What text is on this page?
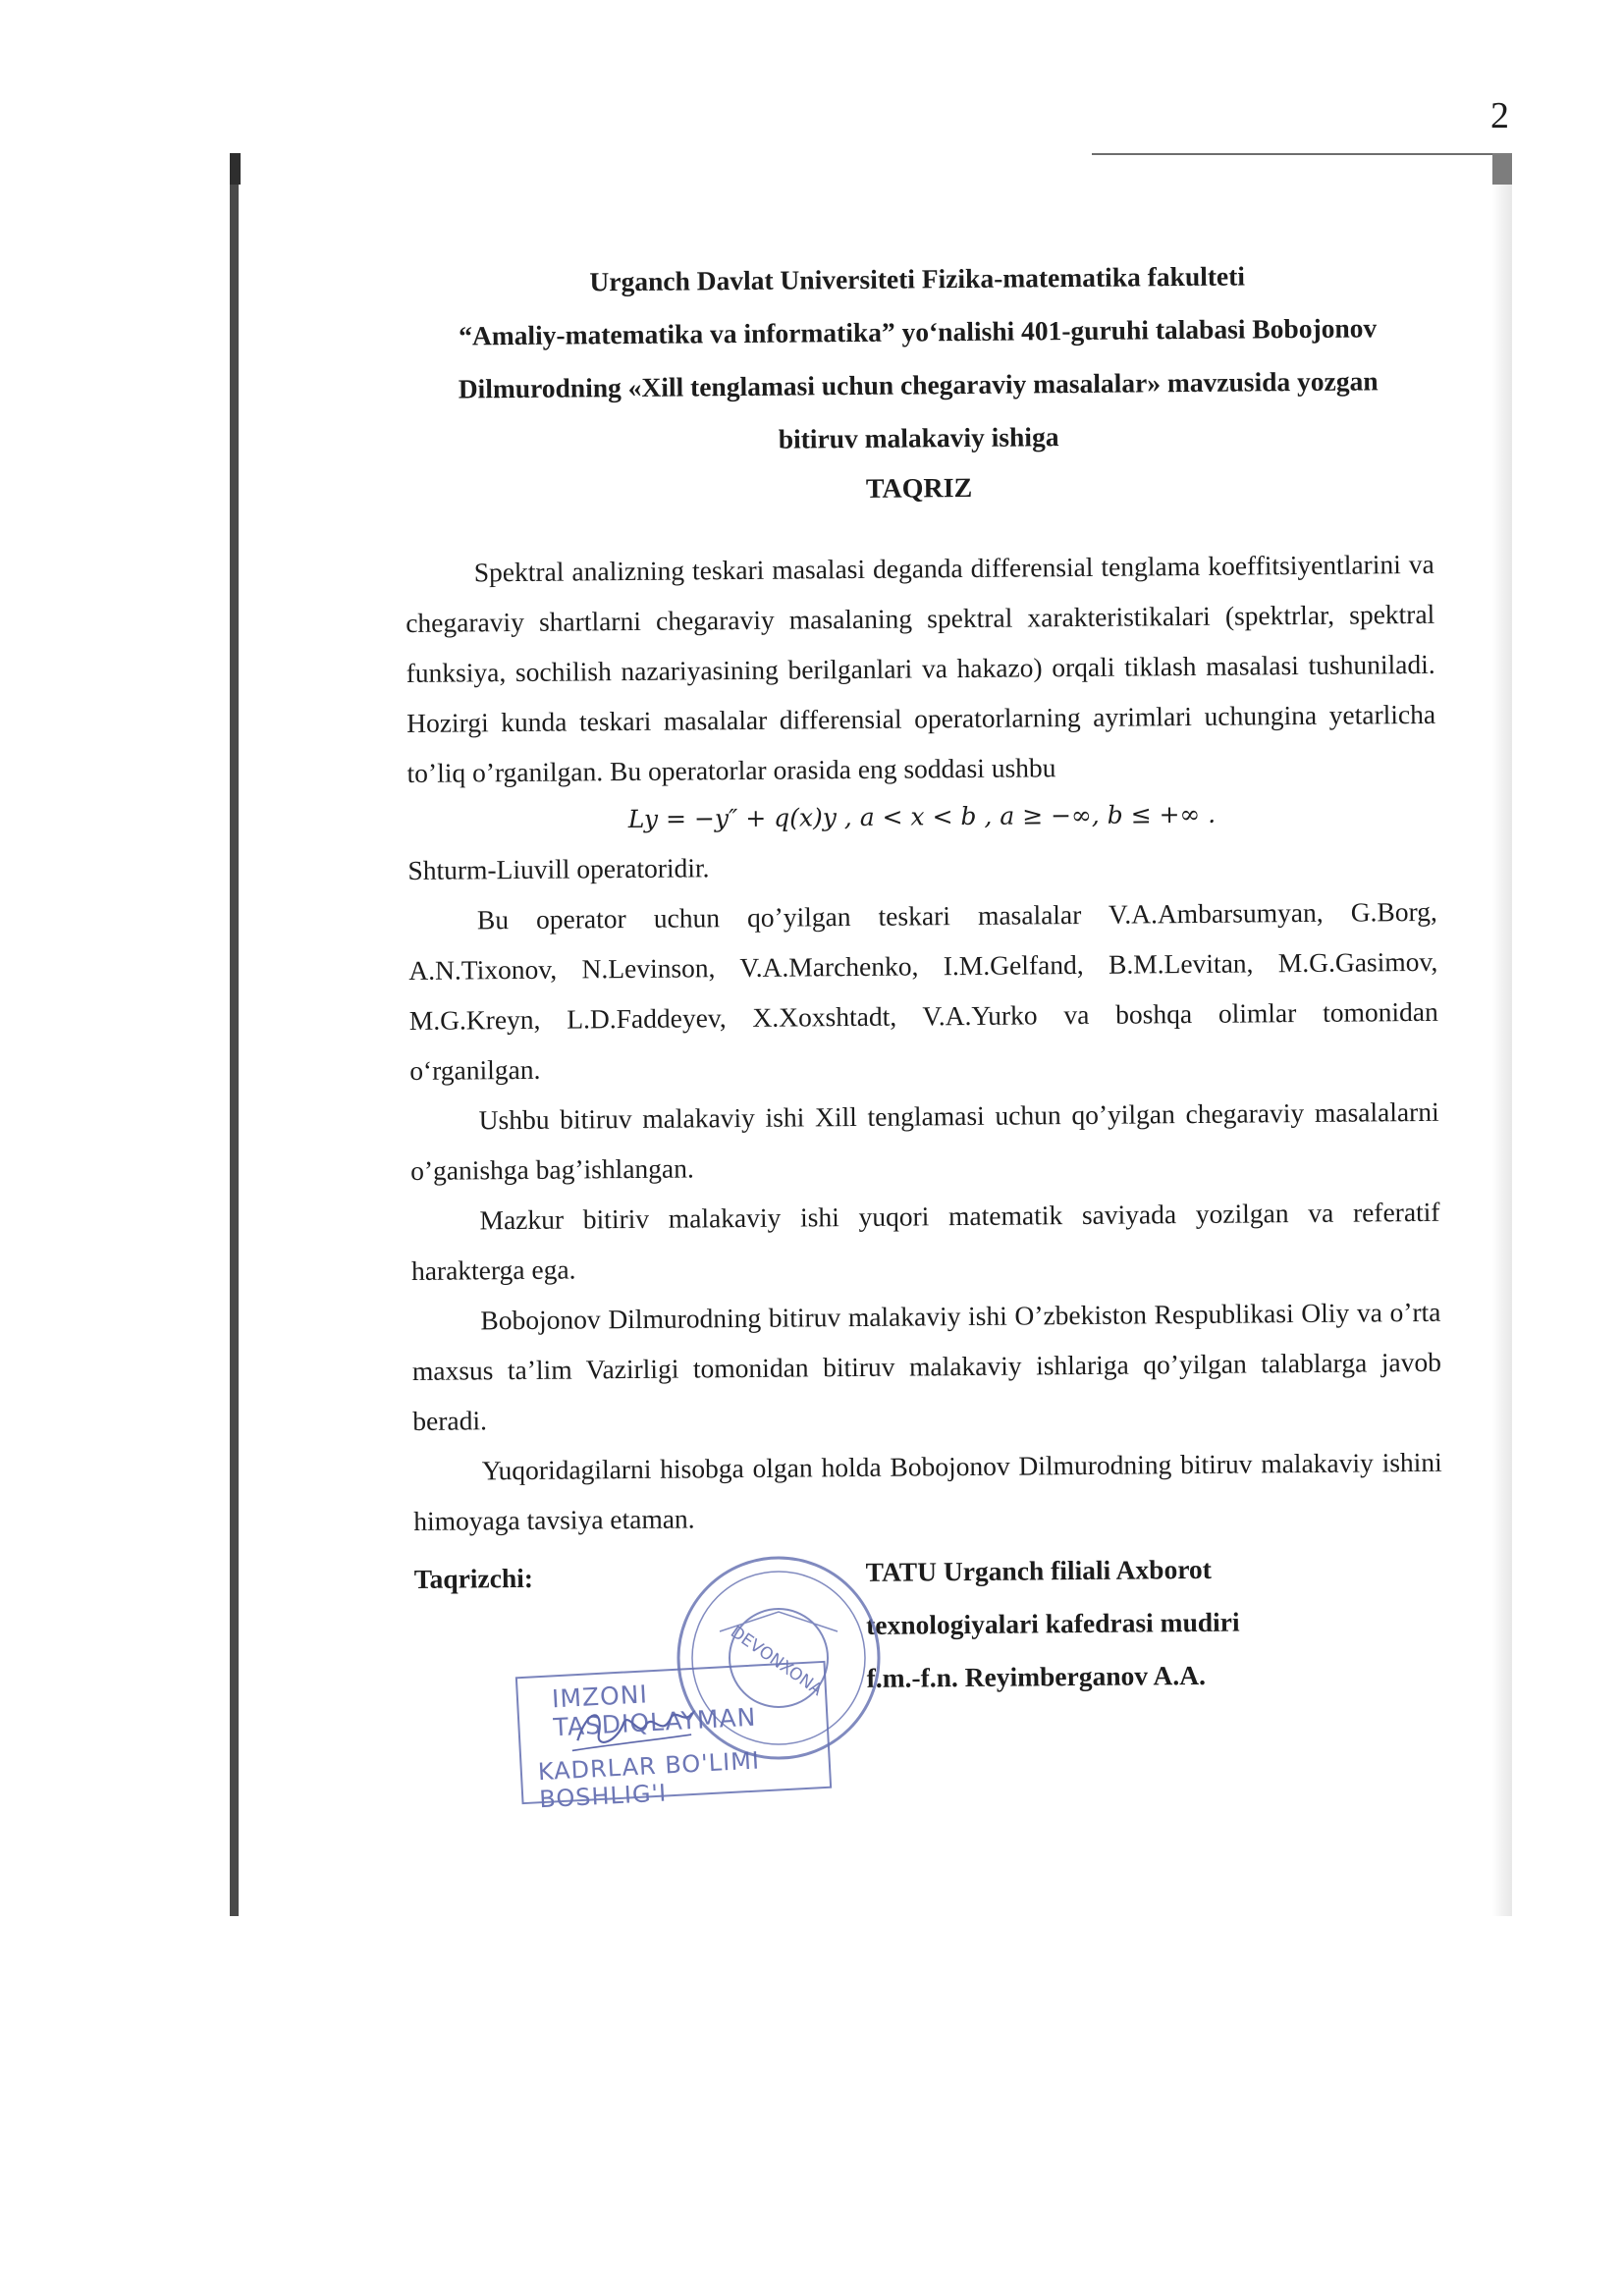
2

Urganch Davlat Universiteti Fizika-matematika fakulteti

“Amaliy-matematika va informatika” yo‘nalishi 401-guruhi talabasi Bobojonov

Dilmurodning «Xill tenglamasi uchun chegaraviy masalalar» mavzusida yozgan

bitiruv malakaviy ishiga

TAQRIZ

Spektral analizning teskari masalasi deganda differensial tenglama koeffitsiyentlarini va chegaraviy shartlarni chegaraviy masalaning spektral xarakteristikalari (spektrlar, spektral funksiya, sochilish nazariyasining berilganlari va hakazo) orqali tiklash masalasi tushuniladi. Hozirgi kunda teskari masalalar differensial operatorlarning ayrimlari uchungina yetarlicha to’liq o’rganilgan. Bu operatorlar orasida eng soddasi ushbu

Ly = −y″ + q(x)y , a < x < b , a ≥ −∞, b ≤ +∞ .

Shturm-Liuvill operatoridir.

Bu operator uchun qo’yilgan teskari masalalar V.A.Ambarsumyan, G.Borg, A.N.Tixonov, N.Levinson, V.A.Marchenko, I.M.Gelfand, B.M.Levitan, M.G.Gasimov, M.G.Kreyn, L.D.Faddeyev, X.Xoxshtadt, V.A.Yurko va boshqa olimlar tomonidan o‘rganilgan.

Ushbu bitiruv malakaviy ishi Xill tenglamasi uchun qo’yilgan chegaraviy masalalarni o’ganishga bag’ishlangan.

Mazkur bitiriv malakaviy ishi yuqori matematik saviyada yozilgan va referatif harakterga ega.

Bobojonov Dilmurodning bitiruv malakaviy ishi O’zbekiston Respublikasi Oliy va o’rta maxsus ta’lim Vazirligi tomonidan bitiruv malakaviy ishlariga qo’yilgan talablarga javob beradi.

Yuqoridagilarni hisobga olgan holda Bobojonov Dilmurodning bitiruv malakaviy ishini himoyaga tavsiya etaman.

Taqrizchi:	TATU Urganch filiali Axborot
texnologiyalari kafedrasi mudiri
f.m.-f.n. Reyimberganov A.A.
DEVONXONA
IMZONI TASDIQLAYMAN
KADRLAR BO'LIMI BOSHLIG'I
